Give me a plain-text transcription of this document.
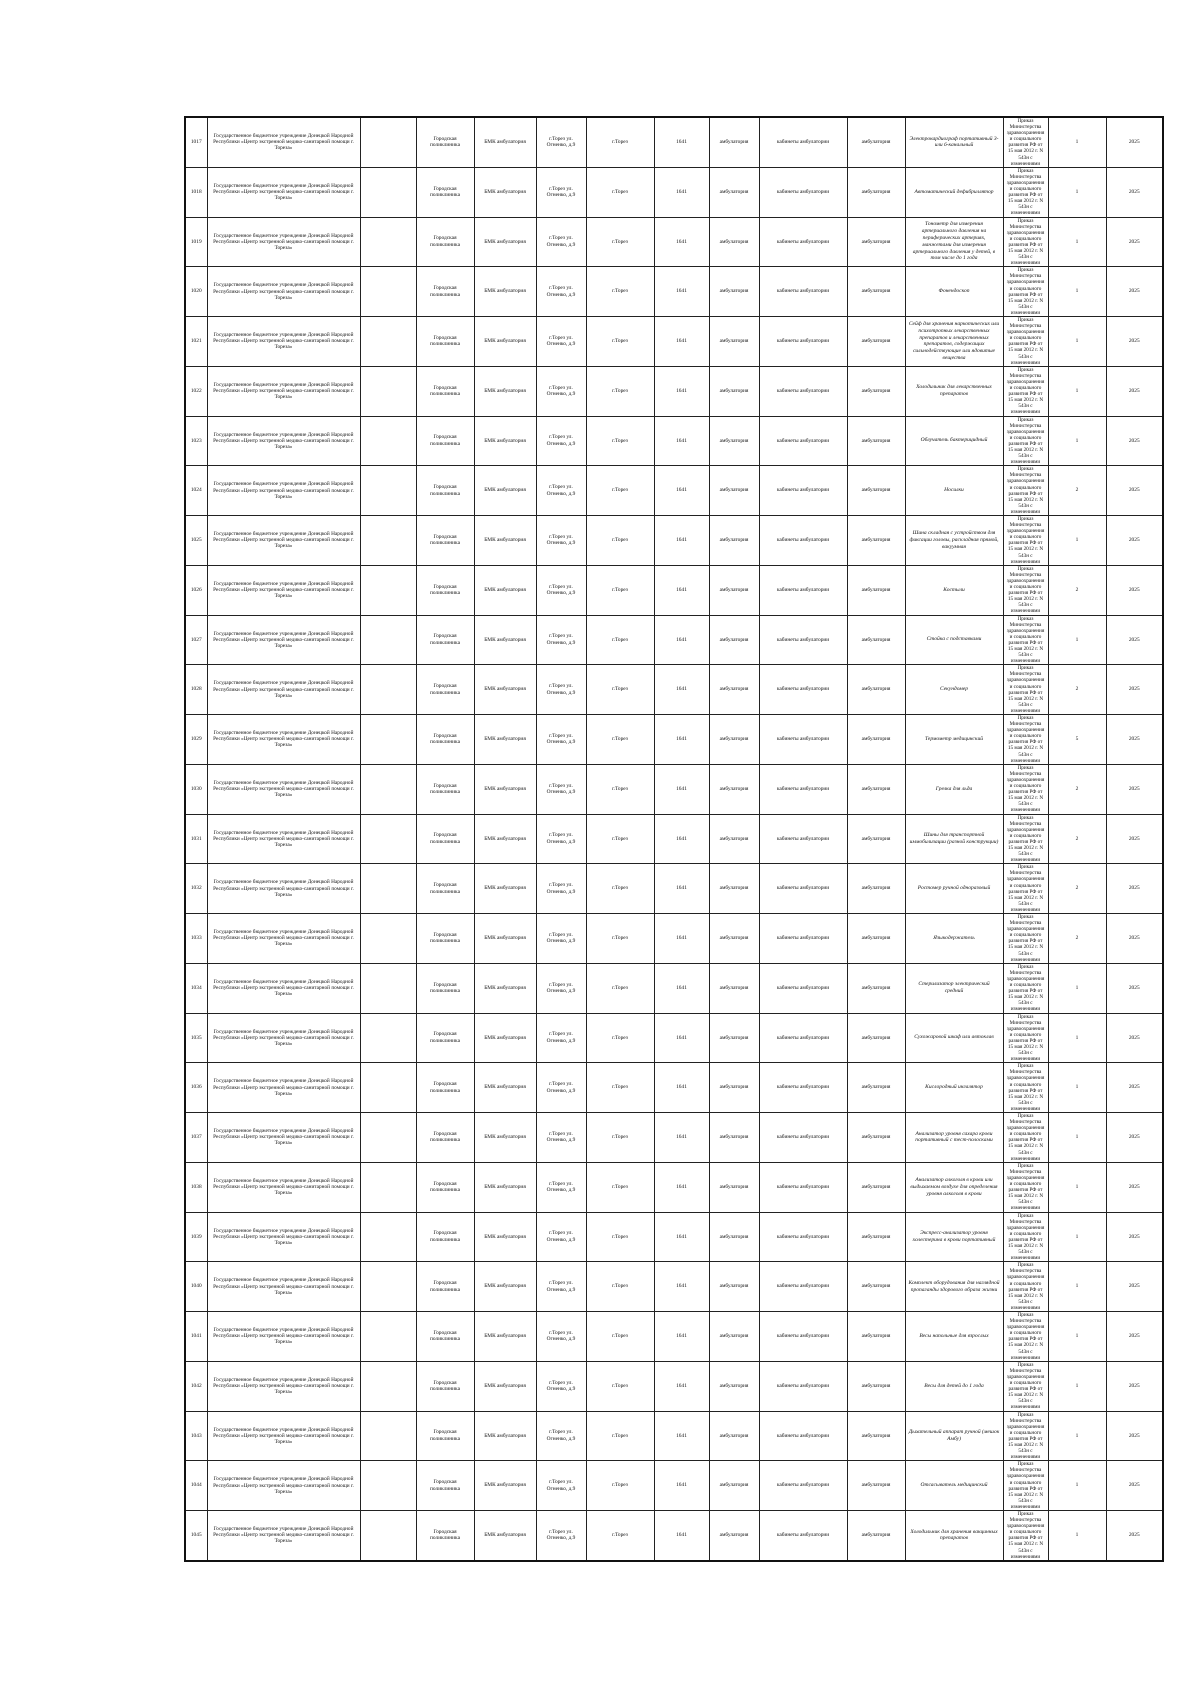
1017	Государственное бюджетное учреждение Донецкой Народной Республики «Центр экстренной медико-санитарной помощи г. Тореза»		Городская поликлиника	БМК амбулатория	г.Торез ул. Огненко, д.9	г.Торез	1641	амбулатория	кабинеты амбулатории	амбулатория	Электрокардиограф портативный 3-или 6-канальный	Приказ Министерства здравоохранения и социального развития РФ от 15 мая 2012 г. N 543н с изменениями	1	2025
1018	Государственное бюджетное учреждение Донецкой Народной Республики «Центр экстренной медико-санитарной помощи г. Тореза»		Городская поликлиника	БМК амбулатория	г.Торез ул. Огненко, д.9	г.Торез	1641	амбулатория	кабинеты амбулатории	амбулатория	Автоматический дефибриллятор	Приказ Министерства здравоохранения и социального развития РФ от 15 мая 2012 г. N 543н с изменениями	1	2025
1019	Государственное бюджетное учреждение Донецкой Народной Республики «Центр экстренной медико-санитарной помощи г. Тореза»		Городская поликлиника	БМК амбулатория	г.Торез ул. Огненко, д.9	г.Торез	1641	амбулатория	кабинеты амбулатории	амбулатория	Тонометр для измерения артериального давления на периферических артериях, манжетами для измерения артериального давления у детей, в том числе до 1 года	Приказ Министерства здравоохранения и социального развития РФ от 15 мая 2012 г. N 543н с изменениями	1	2025
1020	Государственное бюджетное учреждение Донецкой Народной Республики «Центр экстренной медико-санитарной помощи г. Тореза»		Городская поликлиника	БМК амбулатория	г.Торез ул. Огненко, д.9	г.Торез	1641	амбулатория	кабинеты амбулатории	амбулатория	Фонендоскоп	Приказ Министерства здравоохранения и социального развития РФ от 15 мая 2012 г. N 543н с изменениями	1	2025
1021	Государственное бюджетное учреждение Донецкой Народной Республики «Центр экстренной медико-санитарной помощи г. Тореза»		Городская поликлиника	БМК амбулатория	г.Торез ул. Огненко, д.9	г.Торез	1641	амбулатория	кабинеты амбулатории	амбулатория	Сейф для хранения наркотических или психотропных лекарственных препаратов и лекарственных препаратов, содержащих сильнодействующие или ядовитые вещества	Приказ Министерства здравоохранения и социального развития РФ от 15 мая 2012 г. N 543н с изменениями	1	2025
1022	Государственное бюджетное учреждение Донецкой Народной Республики «Центр экстренной медико-санитарной помощи г. Тореза»		Городская поликлиника	БМК амбулатория	г.Торез ул. Огненко, д.9	г.Торез	1641	амбулатория	кабинеты амбулатории	амбулатория	Холодильник для лекарственных препаратов	Приказ Министерства здравоохранения и социального развития РФ от 15 мая 2012 г. N 543н с изменениями	1	2025
1023	Государственное бюджетное учреждение Донецкой Народной Республики «Центр экстренной медико-санитарной помощи г. Тореза»		Городская поликлиника	БМК амбулатория	г.Торез ул. Огненко, д.9	г.Торез	1641	амбулатория	кабинеты амбулатории	амбулатория	Облучатель бактерицидный	Приказ Министерства здравоохранения и социального развития РФ от 15 мая 2012 г. N 543н с изменениями	1	2025
1024	Государственное бюджетное учреждение Донецкой Народной Республики «Центр экстренной медико-санитарной помощи г. Тореза»		Городская поликлиника	БМК амбулатория	г.Торез ул. Огненко, д.9	г.Торез	1641	амбулатория	кабинеты амбулатории	амбулатория	Носилки	Приказ Министерства здравоохранения и социального развития РФ от 15 мая 2012 г. N 543н с изменениями	2	2025
1025	Государственное бюджетное учреждение Донецкой Народной Республики «Центр экстренной медико-санитарной помощи г. Тореза»		Городская поликлиника	БМК амбулатория	г.Торез ул. Огненко, д.9	г.Торез	1641	амбулатория	кабинеты амбулатории	амбулатория	Шина складная с устройством для фиксации головы, раскладная прямой, вакуумная	Приказ Министерства здравоохранения и социального развития РФ от 15 мая 2012 г. N 543н с изменениями	1	2025
1026	Государственное бюджетное учреждение Донецкой Народной Республики «Центр экстренной медико-санитарной помощи г. Тореза»		Городская поликлиника	БМК амбулатория	г.Торез ул. Огненко, д.9	г.Торез	1641	амбулатория	кабинеты амбулатории	амбулатория	Костыли	Приказ Министерства здравоохранения и социального развития РФ от 15 мая 2012 г. N 543н с изменениями	2	2025
1027	Государственное бюджетное учреждение Донецкой Народной Республики «Центр экстренной медико-санитарной помощи г. Тореза»		Городская поликлиника	БМК амбулатория	г.Торез ул. Огненко, д.9	г.Торез	1641	амбулатория	кабинеты амбулатории	амбулатория	Стойка с подставками	Приказ Министерства здравоохранения и социального развития РФ от 15 мая 2012 г. N 543н с изменениями	1	2025
1028	Государственное бюджетное учреждение Донецкой Народной Республики «Центр экстренной медико-санитарной помощи г. Тореза»		Городская поликлиника	БМК амбулатория	г.Торез ул. Огненко, д.9	г.Торез	1641	амбулатория	кабинеты амбулатории	амбулатория	Секундомер	Приказ Министерства здравоохранения и социального развития РФ от 15 мая 2012 г. N 543н с изменениями	2	2025
1029	Государственное бюджетное учреждение Донецкой Народной Республики «Центр экстренной медико-санитарной помощи г. Тореза»		Городская поликлиника	БМК амбулатория	г.Торез ул. Огненко, д.9	г.Торез	1641	амбулатория	кабинеты амбулатории	амбулатория	Термометр медицинский	Приказ Министерства здравоохранения и социального развития РФ от 15 мая 2012 г. N 543н с изменениями	5	2025
1030	Государственное бюджетное учреждение Донецкой Народной Республики «Центр экстренной медико-санитарной помощи г. Тореза»		Городская поликлиника	БМК амбулатория	г.Торез ул. Огненко, д.9	г.Торез	1641	амбулатория	кабинеты амбулатории	амбулатория	Грелка для льда	Приказ Министерства здравоохранения и социального развития РФ от 15 мая 2012 г. N 543н с изменениями	2	2025
1031	Государственное бюджетное учреждение Донецкой Народной Республики «Центр экстренной медико-санитарной помощи г. Тореза»		Городская поликлиника	БМК амбулатория	г.Торез ул. Огненко, д.9	г.Торез	1641	амбулатория	кабинеты амбулатории	амбулатория	Шины для транспортной иммобилизации (разной конструкции)	Приказ Министерства здравоохранения и социального развития РФ от 15 мая 2012 г. N 543н с изменениями	2	2025
1032	Государственное бюджетное учреждение Донецкой Народной Республики «Центр экстренной медико-санитарной помощи г. Тореза»		Городская поликлиника	БМК амбулатория	г.Торез ул. Огненко, д.9	г.Торез	1641	амбулатория	кабинеты амбулатории	амбулатория	Ростомер ручной одноразовый	Приказ Министерства здравоохранения и социального развития РФ от 15 мая 2012 г. N 543н с изменениями	2	2025
1033	Государственное бюджетное учреждение Донецкой Народной Республики «Центр экстренной медико-санитарной помощи г. Тореза»		Городская поликлиника	БМК амбулатория	г.Торез ул. Огненко, д.9	г.Торез	1641	амбулатория	кабинеты амбулатории	амбулатория	Языкодержатель	Приказ Министерства здравоохранения и социального развития РФ от 15 мая 2012 г. N 543н с изменениями	2	2025
1034	Государственное бюджетное учреждение Донецкой Народной Республики «Центр экстренной медико-санитарной помощи г. Тореза»		Городская поликлиника	БМК амбулатория	г.Торез ул. Огненко, д.9	г.Торез	1641	амбулатория	кабинеты амбулатории	амбулатория	Стерилизатор электрический средний	Приказ Министерства здравоохранения и социального развития РФ от 15 мая 2012 г. N 543н с изменениями	1	2025
1035	Государственное бюджетное учреждение Донецкой Народной Республики «Центр экстренной медико-санитарной помощи г. Тореза»		Городская поликлиника	БМК амбулатория	г.Торез ул. Огненко, д.9	г.Торез	1641	амбулатория	кабинеты амбулатории	амбулатория	Сухожаровой шкаф или автоклав	Приказ Министерства здравоохранения и социального развития РФ от 15 мая 2012 г. N 543н с изменениями	1	2025
1036	Государственное бюджетное учреждение Донецкой Народной Республики «Центр экстренной медико-санитарной помощи г. Тореза»		Городская поликлиника	БМК амбулатория	г.Торез ул. Огненко, д.9	г.Торез	1641	амбулатория	кабинеты амбулатории	амбулатория	Кислородный ингалятор	Приказ Министерства здравоохранения и социального развития РФ от 15 мая 2012 г. N 543н с изменениями	1	2025
1037	Государственное бюджетное учреждение Донецкой Народной Республики «Центр экстренной медико-санитарной помощи г. Тореза»		Городская поликлиника	БМК амбулатория	г.Торез ул. Огненко, д.9	г.Торез	1641	амбулатория	кабинеты амбулатории	амбулатория	Анализатор уровня сахара крови портативный с тест-полосками	Приказ Министерства здравоохранения и социального развития РФ от 15 мая 2012 г. N 543н с изменениями	1	2025
1038	Государственное бюджетное учреждение Донецкой Народной Республики «Центр экстренной медико-санитарной помощи г. Тореза»		Городская поликлиника	БМК амбулатория	г.Торез ул. Огненко, д.9	г.Торез	1641	амбулатория	кабинеты амбулатории	амбулатория	Анализатор алкоголя в крови или выдыхаемом воздухе для определения уровня алкоголя в крови	Приказ Министерства здравоохранения и социального развития РФ от 15 мая 2012 г. N 543н с изменениями	1	2025
1039	Государственное бюджетное учреждение Донецкой Народной Республики «Центр экстренной медико-санитарной помощи г. Тореза»		Городская поликлиника	БМК амбулатория	г.Торез ул. Огненко, д.9	г.Торез	1641	амбулатория	кабинеты амбулатории	амбулатория	Экспресс-анализатор уровня холестерина в крови портативный	Приказ Министерства здравоохранения и социального развития РФ от 15 мая 2012 г. N 543н с изменениями	1	2025
1040	Государственное бюджетное учреждение Донецкой Народной Республики «Центр экстренной медико-санитарной помощи г. Тореза»		Городская поликлиника	БМК амбулатория	г.Торез ул. Огненко, д.9	г.Торез	1641	амбулатория	кабинеты амбулатории	амбулатория	Комплект оборудования для наглядной пропаганды здорового образа жизни	Приказ Министерства здравоохранения и социального развития РФ от 15 мая 2012 г. N 543н с изменениями	1	2025
1041	Государственное бюджетное учреждение Донецкой Народной Республики «Центр экстренной медико-санитарной помощи г. Тореза»		Городская поликлиника	БМК амбулатория	г.Торез ул. Огненко, д.9	г.Торез	1641	амбулатория	кабинеты амбулатории	амбулатория	Весы напольные для взрослых	Приказ Министерства здравоохранения и социального развития РФ от 15 мая 2012 г. N 543н с изменениями	1	2025
1042	Государственное бюджетное учреждение Донецкой Народной Республики «Центр экстренной медико-санитарной помощи г. Тореза»		Городская поликлиника	БМК амбулатория	г.Торез ул. Огненко, д.9	г.Торез	1641	амбулатория	кабинеты амбулатории	амбулатория	Весы для детей до 1 года	Приказ Министерства здравоохранения и социального развития РФ от 15 мая 2012 г. N 543н с изменениями	1	2025
1043	Государственное бюджетное учреждение Донецкой Народной Республики «Центр экстренной медико-санитарной помощи г. Тореза»		Городская поликлиника	БМК амбулатория	г.Торез ул. Огненко, д.9	г.Торез	1641	амбулатория	кабинеты амбулатории	амбулатория	Дыхательный аппарат ручной (мешок Амбу)	Приказ Министерства здравоохранения и социального развития РФ от 15 мая 2012 г. N 543н с изменениями	1	2025
1044	Государственное бюджетное учреждение Донецкой Народной Республики «Центр экстренной медико-санитарной помощи г. Тореза»		Городская поликлиника	БМК амбулатория	г.Торез ул. Огненко, д.9	г.Торез	1641	амбулатория	кабинеты амбулатории	амбулатория	Отсасыватель медицинский	Приказ Министерства здравоохранения и социального развития РФ от 15 мая 2012 г. N 543н с изменениями	1	2025
1045	Государственное бюджетное учреждение Донецкой Народной Республики «Центр экстренной медико-санитарной помощи г. Тореза»		Городская поликлиника	БМК амбулатория	г.Торез ул. Огненко, д.9	г.Торез	1641	амбулатория	кабинеты амбулатории	амбулатория	Холодильник для хранения вакцинных препаратов	Приказ Министерства здравоохранения и социального развития РФ от 15 мая 2012 г. N 543н с изменениями	1	2025
